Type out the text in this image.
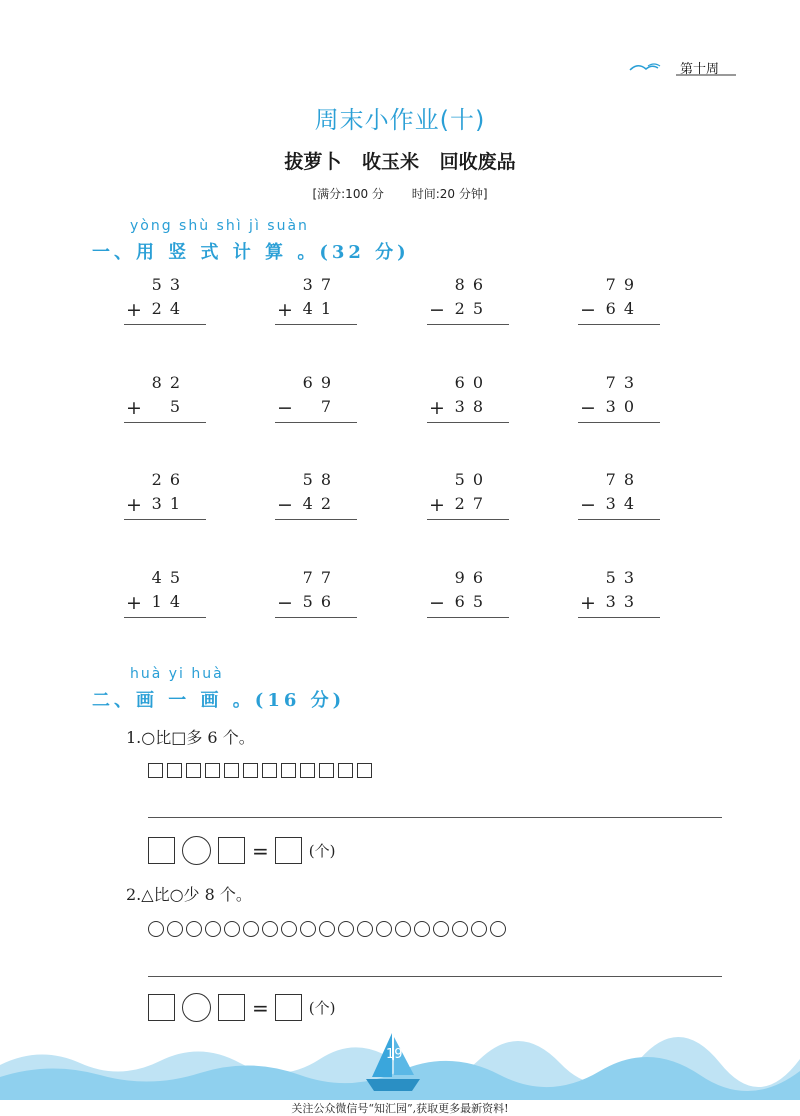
第十周
周末小作业(十)
拔萝卜 收玉米 回收废品
[满分:100 分 时间:20 分钟]
yòng shù shì jì suàn
一、用 竖 式 计 算 。(32 分)
53
+ 24
37
+ 41
86
− 25
79
− 64
82
+ 5
69
− 7
60
+ 38
73
− 30
26
+ 31
58
− 42
50
+ 27
78
− 34
45
+ 14
77
− 56
96
− 65
53
+ 33
huà yi huà
二、画 一 画 。(16 分)
1.○比□多 6 个。
=	(个)
2.△比○少 8 个。
=	(个)
19
关注公众微信号“知汇园”,获取更多最新资料!
